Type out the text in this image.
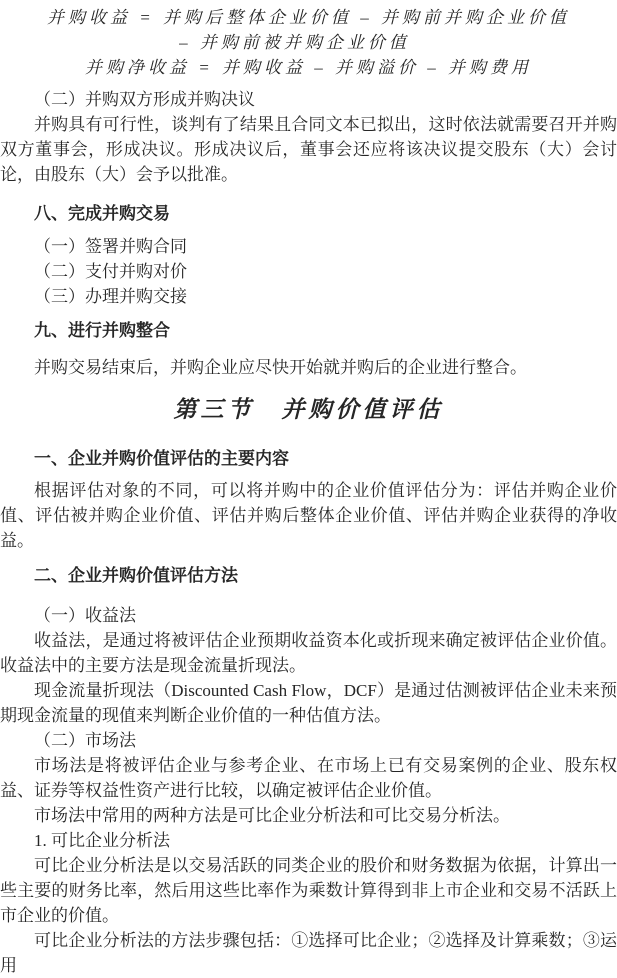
并购收益 = 并购后整体企业价值 – 并购前并购企业价值

– 并购前被并购企业价值

并购净收益 = 并购收益 – 并购溢价 – 并购费用

（二）并购双方形成并购决议

并购具有可行性，谈判有了结果且合同文本已拟出，这时依法就需要召开并购双方董事会，形成决议。形成决议后，董事会还应将该决议提交股东（大）会讨论，由股东（大）会予以批准。

八、完成并购交易

（一）签署并购合同

（二）支付并购对价

（三）办理并购交接

九、进行并购整合

并购交易结束后，并购企业应尽快开始就并购后的企业进行整合。

第三节　并购价值评估
一、企业并购价值评估的主要内容

根据评估对象的不同，可以将并购中的企业价值评估分为：评估并购企业价值、评估被并购企业价值、评估并购后整体企业价值、评估并购企业获得的净收益。

二、企业并购价值评估方法

（一）收益法

收益法，是通过将被评估企业预期收益资本化或折现来确定被评估企业价值。收益法中的主要方法是现金流量折现法。

现金流量折现法（Discounted Cash Flow，DCF）是通过估测被评估企业未来预期现金流量的现值来判断企业价值的一种估值方法。

（二）市场法

市场法是将被评估企业与参考企业、在市场上已有交易案例的企业、股东权益、证券等权益性资产进行比较，以确定被评估企业价值。

市场法中常用的两种方法是可比企业分析法和可比交易分析法。

1. 可比企业分析法

可比企业分析法是以交易活跃的同类企业的股价和财务数据为依据，计算出一些主要的财务比率，然后用这些比率作为乘数计算得到非上市企业和交易不活跃上市企业的价值。

可比企业分析法的方法步骤包括：①选择可比企业；②选择及计算乘数；③运用
